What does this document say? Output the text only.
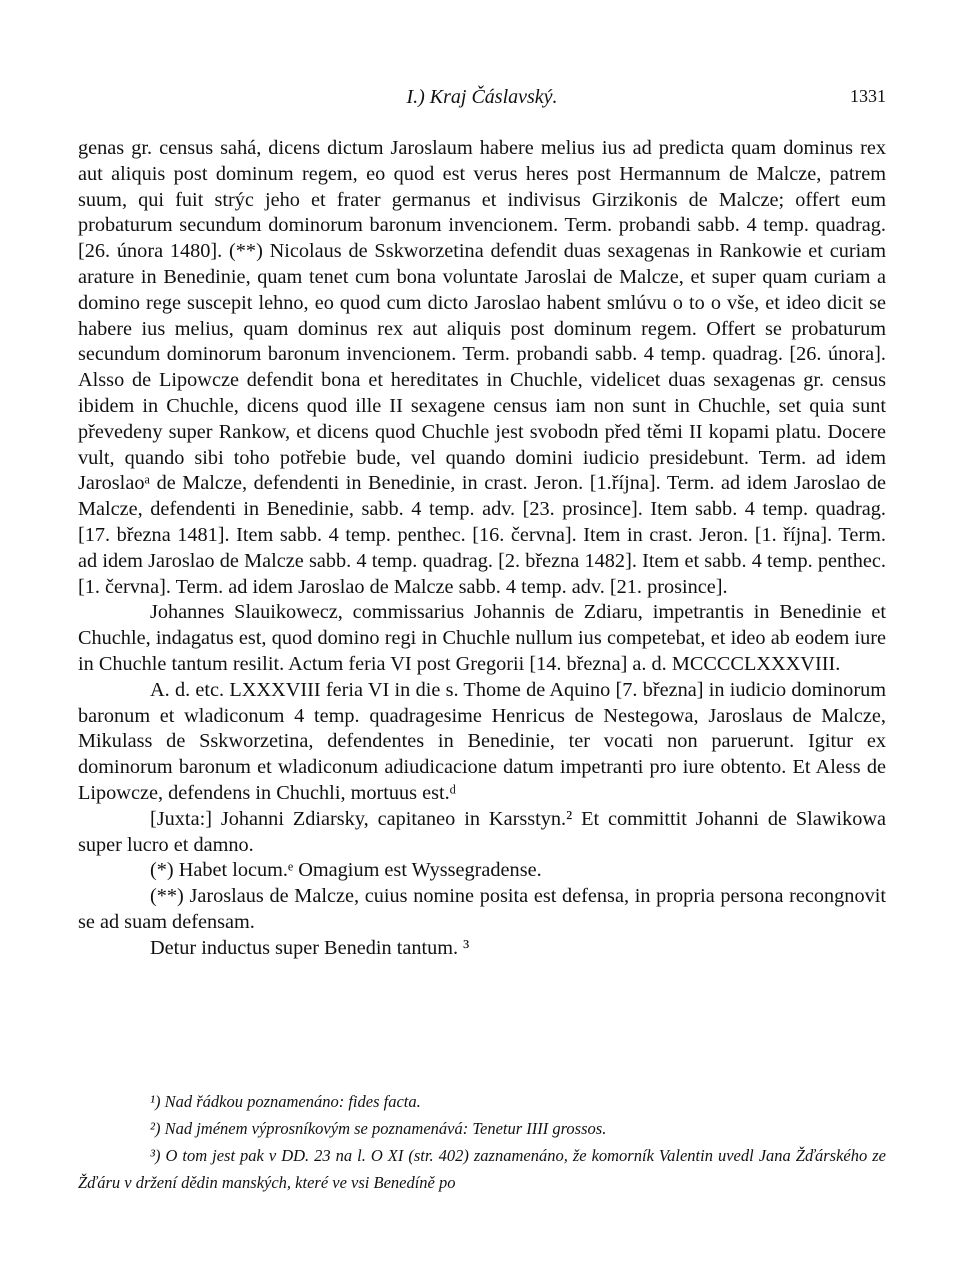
I.) Kraj Čáslavský.	1331

genas gr. census sahá, dicens dictum Jaroslaum habere melius ius ad predicta quam dominus rex aut aliquis post dominum regem, eo quod est verus heres post Hermannum de Malcze, patrem suum, qui fuit strýc jeho et frater germanus et indivisus Girzikonis de Malcze; offert eum probaturum secundum dominorum baronum invencionem. Term. probandi sabb. 4 temp. quadrag. [26. února 1480]. (**) Nicolaus de Sskworzetina defendit duas sexagenas in Rankowie et curiam arature in Benedinie, quam tenet cum bona voluntate Jaroslai de Malcze, et super quam curiam a domino rege suscepit lehno, eo quod cum dicto Jaroslao habent smlúvu o to o vše, et ideo dicit se habere ius melius, quam dominus rex aut aliquis post dominum regem. Offert se probaturum secundum dominorum baronum invencionem. Term. probandi sabb. 4 temp. quadrag. [26. února]. Alsso de Lipowcze defendit bona et hereditates in Chuchle, videlicet duas sexagenas gr. census ibidem in Chuchle, dicens quod ille II sexagene census iam non sunt in Chuchle, set quia sunt převedeny super Rankow, et dicens quod Chuchle jest svobodn před těmi II kopami platu. Docere vult, quando sibi toho potřebie bude, vel quando domini iudicio presidebunt. Term. ad idem Jaroslaoᵃ de Malcze, defendenti in Benedinie, in crast. Jeron. [1.října]. Term. ad idem Jaroslao de Malcze, defendenti in Benedinie, sabb. 4 temp. adv. [23. prosince]. Item sabb. 4 temp. quadrag. [17. března 1481]. Item sabb. 4 temp. penthec. [16. června]. Item in crast. Jeron. [1. října]. Term. ad idem Jaroslao de Malcze sabb. 4 temp. quadrag. [2. března 1482]. Item et sabb. 4 temp. penthec. [1. června]. Term. ad idem Jaroslao de Malcze sabb. 4 temp. adv. [21. prosince].

Johannes Slauikowecz, commissarius Johannis de Zdiaru, impetrantis in Benedinie et Chuchle, indagatus est, quod domino regi in Chuchle nullum ius competebat, et ideo ab eodem iure in Chuchle tantum resilit. Actum feria VI post Gregorii [14. března] a. d. MCCCCLXXXVIII.

A. d. etc. LXXXVIII feria VI in die s. Thome de Aquino [7. března] in iudicio dominorum baronum et wladiconum 4 temp. quadragesime Henricus de Nestegowa, Jaroslaus de Malcze, Mikulass de Sskworzetina, defendentes in Benedinie, ter vocati non paruerunt. Igitur ex dominorum baronum et wladiconum adiudicacione datum impetranti pro iure obtento. Et Aless de Lipowcze, defendens in Chuchli, mortuus est.ᵈ

[Juxta:] Johanni Zdiarsky, capitaneo in Karsstyn.² Et committit Johanni de Slawikowa super lucro et damno.

(*) Habet locum.ᵉ Omagium est Wyssegradense.

(**) Jaroslaus de Malcze, cuius nomine posita est defensa, in propria persona recongnovit se ad suam defensam.

Detur inductus super Benedin tantum. ³

¹) Nad řádkou poznamenáno: fides facta.

²) Nad jménem výprosníkovým se poznamenává: Tenetur IIII grossos.

³) O tom jest pak v DD. 23 na l. O XI (str. 402) zaznamenáno, že komorník Valentin uvedl Jana Žďárského ze Žďáru v držení dědin manských, které ve vsi Benedíně po
